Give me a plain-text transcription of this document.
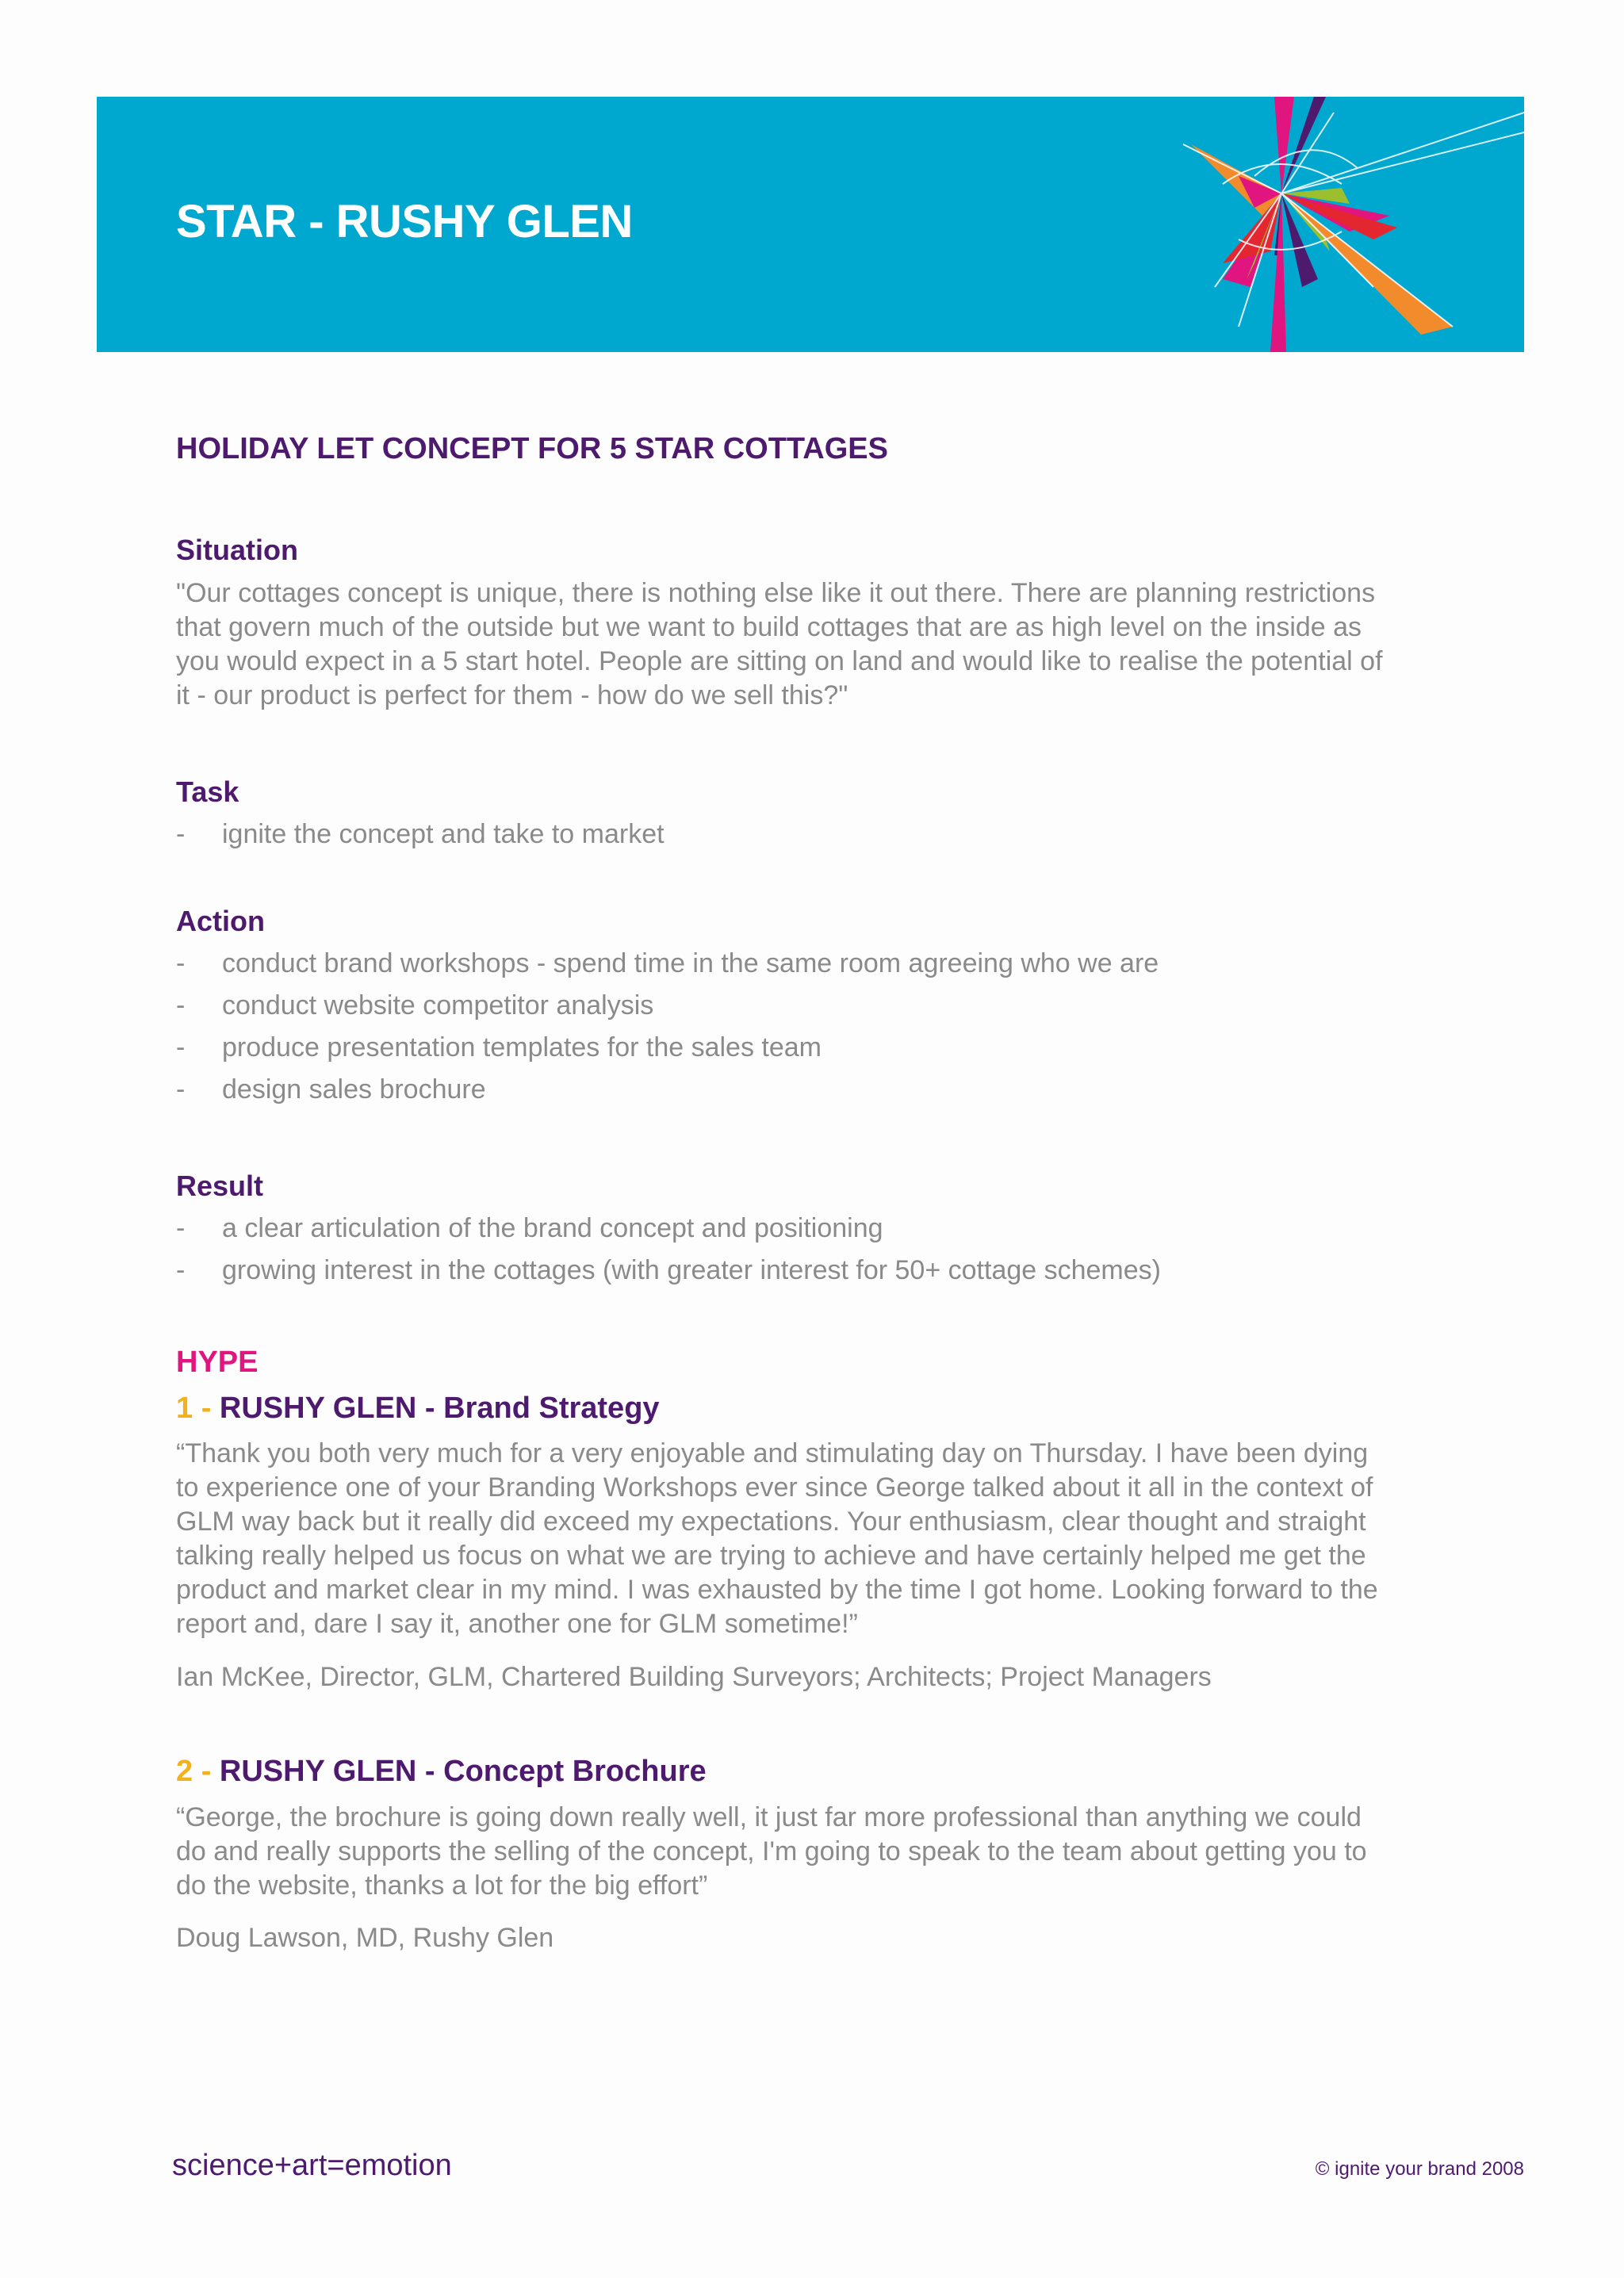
STAR - RUSHY GLEN
HOLIDAY LET CONCEPT FOR 5 STAR COTTAGES
Situation

"Our cottages concept is unique, there is nothing else like it out there. There are planning restrictions that govern much of the outside but we want to build cottages that are as high level on the inside as you would expect in a 5 start hotel. People are sitting on land and would like to realise the potential of it - our product is perfect for them - how do we sell this?"

Task
- ignite the concept and take to market
Action
- conduct brand workshops - spend time in the same room agreeing who we are
- conduct website competitor analysis
- produce presentation templates for the sales team
- design sales brochure
Result
- a clear articulation of the brand concept and positioning
- growing interest in the cottages (with greater interest for 50+ cottage schemes)
HYPE
1 - RUSHY GLEN - Brand Strategy

“Thank you both very much for a very enjoyable and stimulating day on Thursday. I have been dying to experience one of your Branding Workshops ever since George talked about it all in the context of GLM way back but it really did exceed my expectations. Your enthusiasm, clear thought and straight talking really helped us focus on what we are trying to achieve and have certainly helped me get the product and market clear in my mind. I was exhausted by the time I got home. Looking forward to the report and, dare I say it, another one for GLM sometime!”

Ian McKee, Director, GLM, Chartered Building Surveyors; Architects; Project Managers

2 - RUSHY GLEN - Concept Brochure

“George, the brochure is going down really well, it just far more professional than anything we could do and really supports the selling of the concept, I'm going to speak to the team about getting you to do the website, thanks a lot for the big effort”

Doug Lawson, MD, Rushy Glen

science+art=emotion	© ignite your brand 2008
